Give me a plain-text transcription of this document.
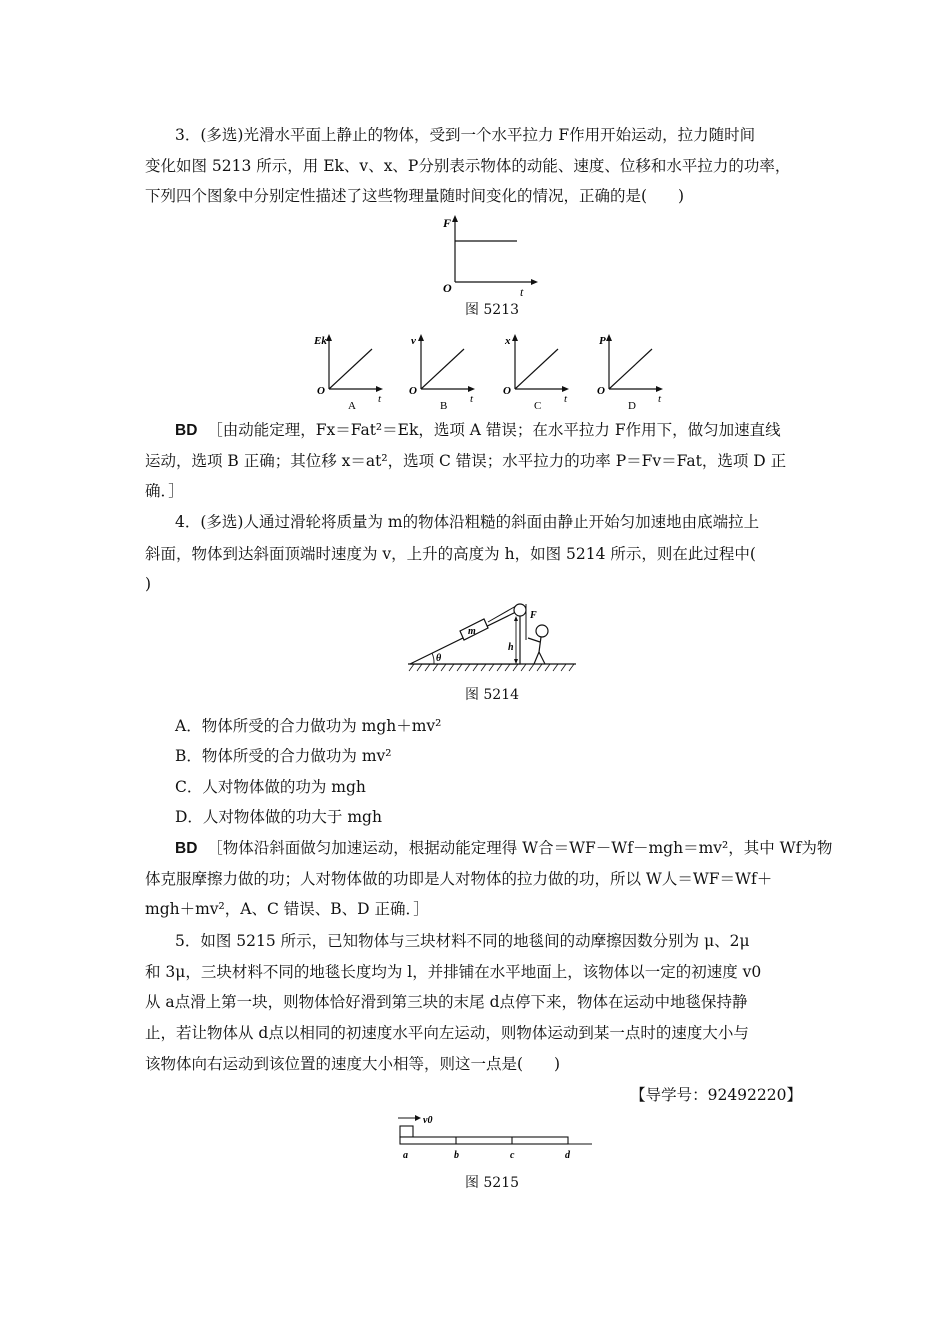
3．(多选)光滑水平面上静止的物体，受到一个水平拉力 F作用开始运动，拉力随时间
变化如图 5213 所示，用 Ek、v、x、P分别表示物体的动能、速度、位移和水平拉力的功率，
下列四个图象中分别定性描述了这些物理量随时间变化的情况，正确的是(　　)
F
t
O
图 5213
Ek
t
O
A
v
t
O
B
x
t
O
C
P
t
O
D
BD ［由动能定理，Fx＝Fat²＝Ek，选项 A 错误；在水平拉力 F作用下，做匀加速直线
运动，选项 B 正确；其位移 x＝at²，选项 C 错误；水平拉力的功率 P＝Fv＝Fat，选项 D 正
确．］
4．(多选)人通过滑轮将质量为 m的物体沿粗糙的斜面由静止开始匀加速地由底端拉上
斜面，物体到达斜面顶端时速度为 v，上升的高度为 h，如图 5214 所示，则在此过程中(
)
m
F
h
θ
图 5214
A．物体所受的合力做功为 mgh＋mv²
B．物体所受的合力做功为 mv²
C．人对物体做的功为 mgh
D．人对物体做的功大于 mgh
BD ［物体沿斜面做匀加速运动，根据动能定理得 W合＝WF－Wf－mgh＝mv²，其中 Wf为物
体克服摩擦力做的功；人对物体做的功即是人对物体的拉力做的功，所以 W人＝WF＝Wf＋
mgh＋mv²，A、C 错误、B、D 正确．］
5．如图 5215 所示，已知物体与三块材料不同的地毯间的动摩擦因数分别为 μ、2μ
和 3μ，三块材料不同的地毯长度均为 l，并排铺在水平地面上，该物体以一定的初速度 v0
从 a点滑上第一块，则物体恰好滑到第三块的末尾 d点停下来，物体在运动中地毯保持静
止，若让物体从 d点以相同的初速度水平向左运动，则物体运动到某一点时的速度大小与
该物体向右运动到该位置的速度大小相等，则这一点是(　　)
【导学号：92492220】
v0
a	b	c	d
图 5215
